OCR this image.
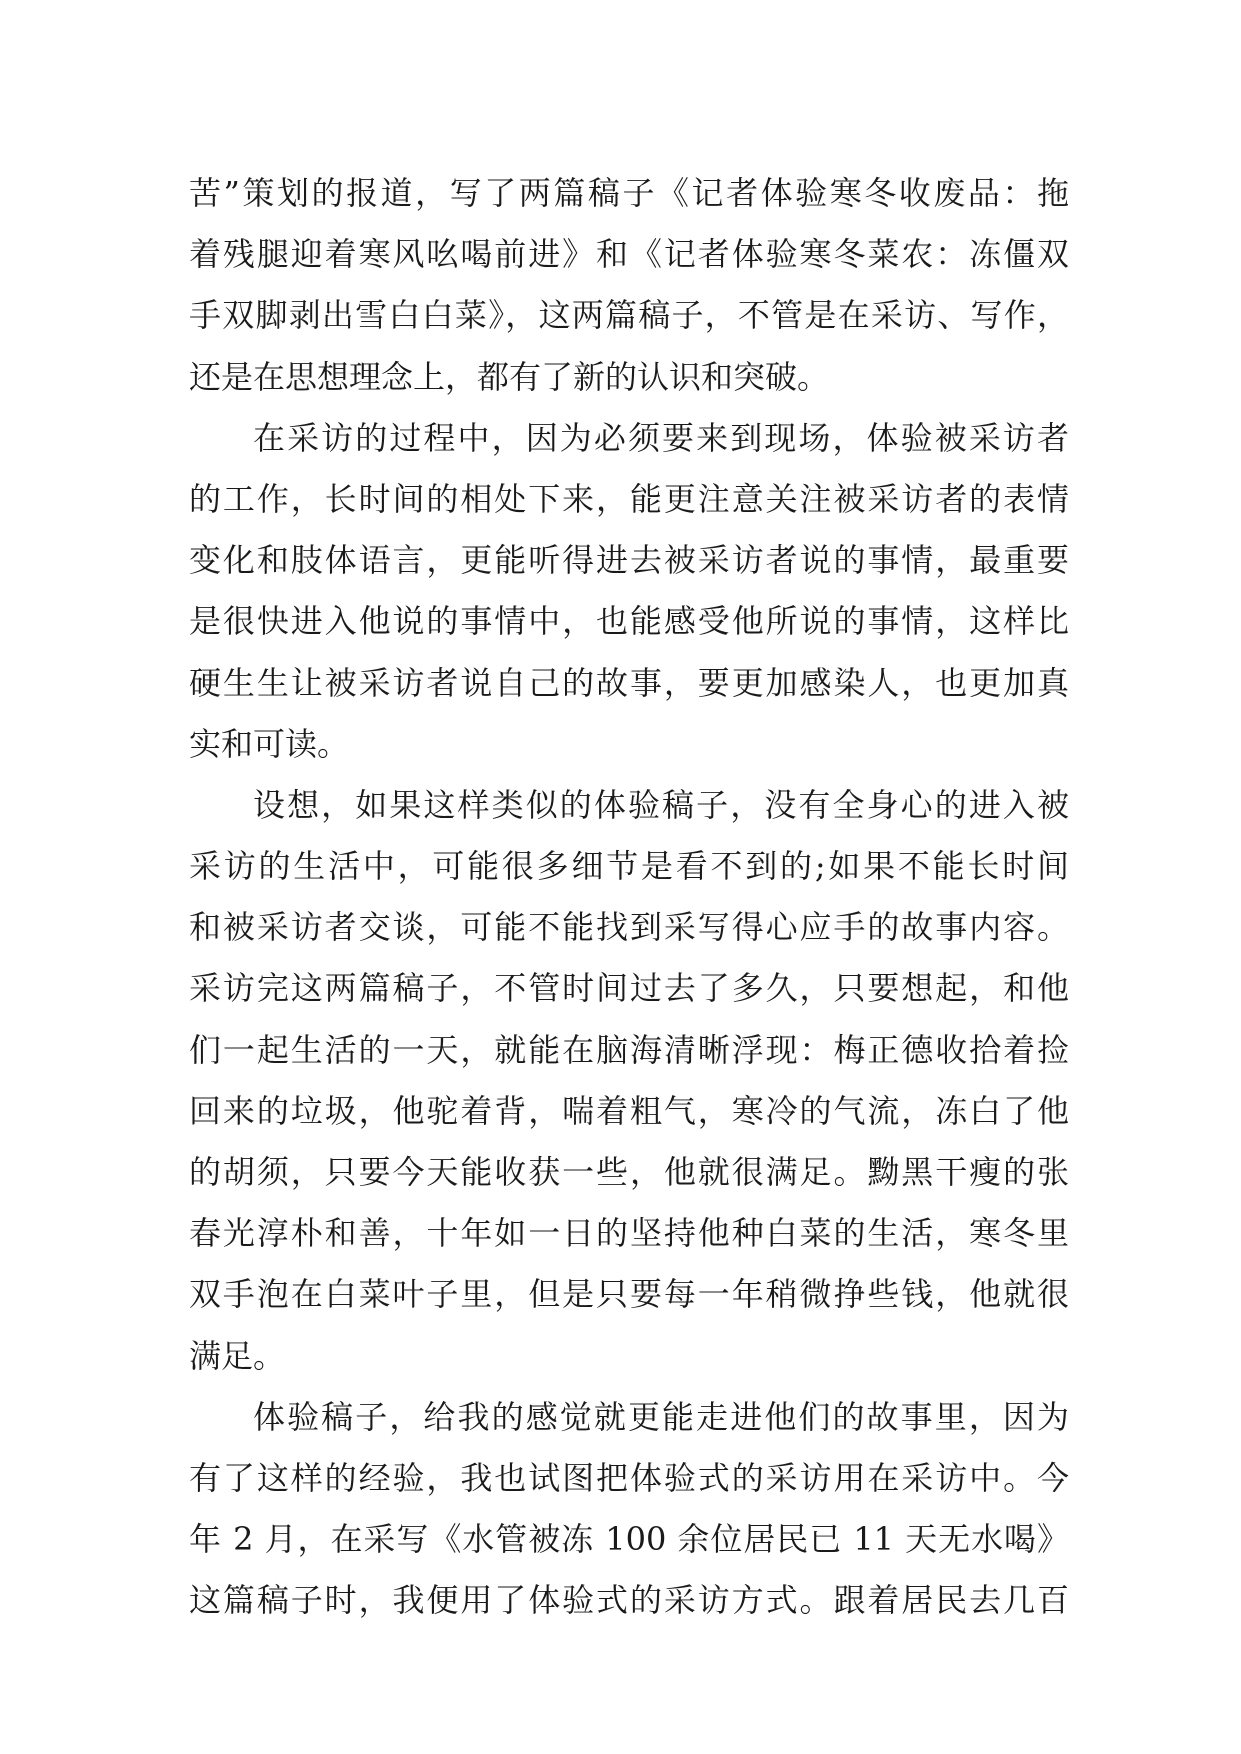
苦”策划的报道，写了两篇稿子《记者体验寒冬收废品：拖
着残腿迎着寒风吆喝前进》和《记者体验寒冬菜农：冻僵双
手双脚剥出雪白白菜》，这两篇稿子，不管是在采访、写作，
还是在思想理念上，都有了新的认识和突破。
在采访的过程中，因为必须要来到现场，体验被采访者
的工作，长时间的相处下来，能更注意关注被采访者的表情
变化和肢体语言，更能听得进去被采访者说的事情，最重要
是很快进入他说的事情中，也能感受他所说的事情，这样比
硬生生让被采访者说自己的故事，要更加感染人，也更加真
实和可读。
设想，如果这样类似的体验稿子，没有全身心的进入被
采访的生活中，可能很多细节是看不到的;如果不能长时间
和被采访者交谈，可能不能找到采写得心应手的故事内容。
采访完这两篇稿子，不管时间过去了多久，只要想起，和他
们一起生活的一天，就能在脑海清晰浮现：梅正德收拾着捡
回来的垃圾，他驼着背，喘着粗气，寒冷的气流，冻白了他
的胡须，只要今天能收获一些，他就很满足。黝黑干瘦的张
春光淳朴和善，十年如一日的坚持他种白菜的生活，寒冬里
双手泡在白菜叶子里，但是只要每一年稍微挣些钱，他就很
满足。
体验稿子，给我的感觉就更能走进他们的故事里，因为
有了这样的经验，我也试图把体验式的采访用在采访中。今
年 2 月，在采写《水管被冻 100 余位居民已 11 天无水喝》
这篇稿子时，我便用了体验式的采访方式。跟着居民去几百
